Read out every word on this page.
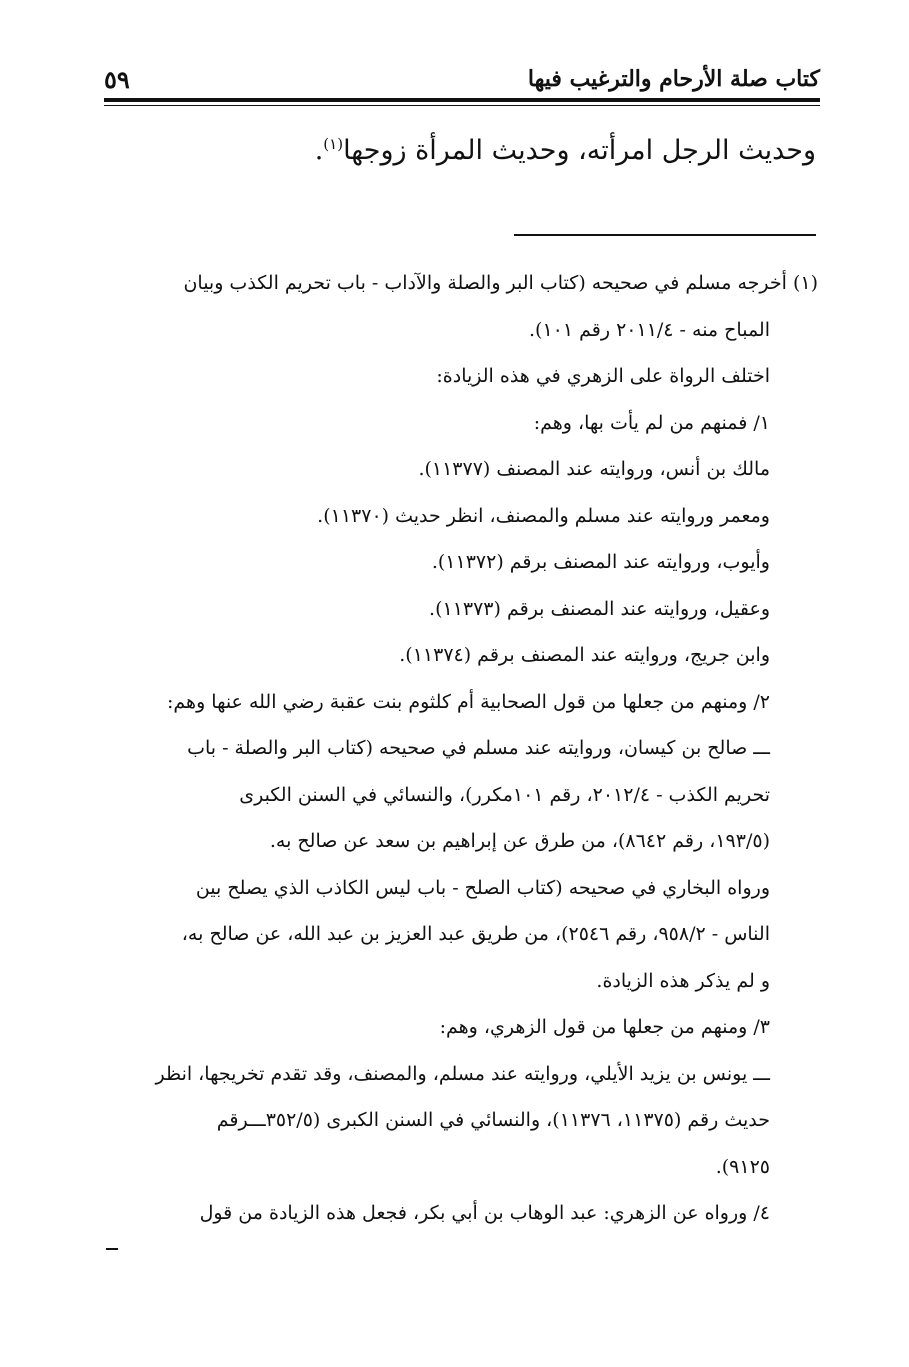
كتاب صلة الأرحام والترغيب فيها
٥٩
وحديث الرجل امرأته، وحديث المرأة زوجها$^{(١)}$.

(١) أخرجه مسلم في صحيحه (كتاب البر والصلة والآداب - باب تحريم الكذب وبيان

المباح منه - ٢٠١١/٤ رقم ١٠١).

اختلف الرواة على الزهري في هذه الزيادة:

١/ فمنهم من لم يأت بها، وهم:

مالك بن أنس، وروايته عند المصنف (١١٣٧٧).

ومعمر وروايته عند مسلم والمصنف، انظر حديث (١١٣٧٠).

وأيوب، وروايته عند المصنف برقم (١١٣٧٢).

وعقيل، وروايته عند المصنف برقم (١١٣٧٣).

وابن جريج، وروايته عند المصنف برقم (١١٣٧٤).

٢/ ومنهم من جعلها من قول الصحابية أم كلثوم بنت عقبة رضي الله عنها وهم:

ـــ صالح بن كيسان، وروايته عند مسلم في صحيحه (كتاب البر والصلة - باب

تحريم الكذب - ٢٠١٢/٤، رقم ١٠١مكرر)، والنسائي في السنن الكبرى

(١٩٣/٥، رقم ٨٦٤٢)، من طرق عن إبراهيم بن سعد عن صالح به.

ورواه البخاري في صحيحه (كتاب الصلح - باب ليس الكاذب الذي يصلح بين

الناس - ٩٥٨/٢، رقم ٢٥٤٦)، من طريق عبد العزيز بن عبد الله، عن صالح به،

و لم يذكر هذه الزيادة.

٣/ ومنهم من جعلها من قول الزهري، وهم:

ـــ يونس بن يزيد الأيلي، وروايته عند مسلم، والمصنف، وقد تقدم تخريجها، انظر

حديث رقم (١١٣٧٥، ١١٣٧٦)، والنسائي في السنن الكبرى (٣٥٢/٥ـــرقم

٩١٢٥).

٤/ ورواه عن الزهري: عبد الوهاب بن أبي بكر، فجعل هذه الزيادة من قول
